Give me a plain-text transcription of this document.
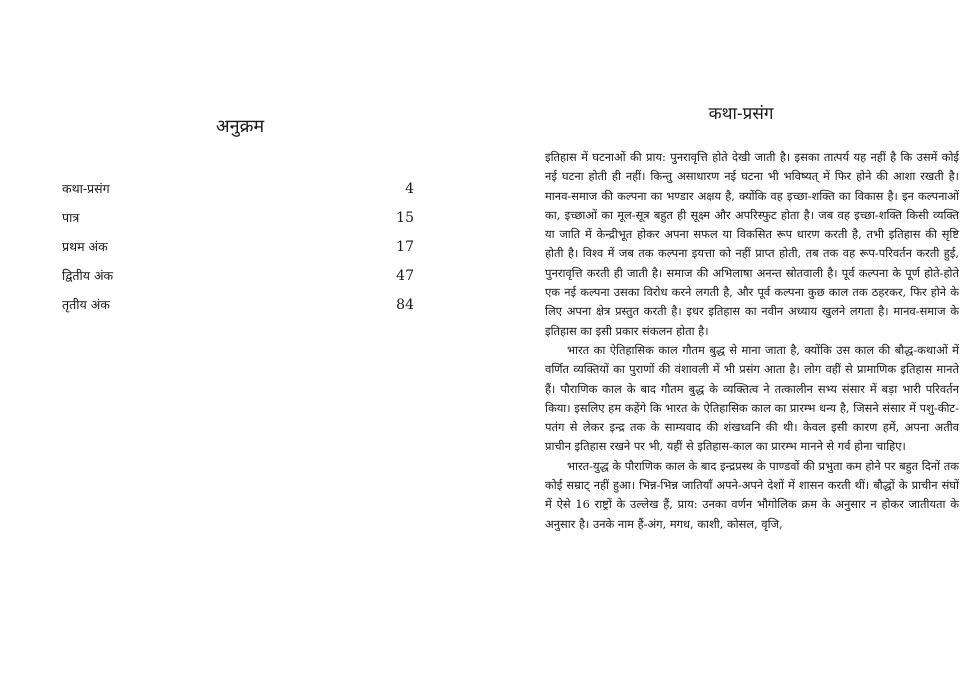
अनुक्रम
कथा-प्रसंग	4
पात्र	15
प्रथम अंक	17
द्वितीय अंक	47
तृतीय अंक	84
कथा-प्रसंग

इतिहास में घटनाओं की प्राय: पुनरावृत्ति होते देखी जाती है। इसका तात्पर्य यह नहीं है कि उसमें कोई नई घटना होती ही नहीं। किन्तु असाधारण नई घटना भी भविष्यत् में फिर होने की आशा रखती है। मानव-समाज की कल्पना का भण्डार अक्षय है, क्योंकि वह इच्छा-शक्ति का विकास है। इन कल्पनाओं का, इच्छाओं का मूल-सूत्र बहुत ही सूक्ष्म और अपरिस्फुट होता है। जब वह इच्छा-शक्ति किसी व्यक्ति या जाति में केन्द्रीभूत होकर अपना सफल या विकसित रूप धारण करती है, तभी इतिहास की सृष्टि होती है। विश्व में जब तक कल्पना इयत्ता को नहीं प्राप्त होती, तब तक वह रूप-परिवर्तन करती हुई, पुनरावृत्ति करती ही जाती है। समाज की अभिलाषा अनन्त स्रोतवाली है। पूर्व कल्पना के पूर्ण होते-होते एक नई कल्पना उसका विरोध करने लगती है, और पूर्व कल्पना कुछ काल तक ठहरकर, फिर होने के लिए अपना क्षेत्र प्रस्तुत करती है। इधर इतिहास का नवीन अध्याय खुलने लगता है। मानव-समाज के इतिहास का इसी प्रकार संकलन होता है।

भारत का ऐतिहासिक काल गौतम बुद्ध से माना जाता है, क्योंकि उस काल की बौद्ध-कथाओं में वर्णित व्यक्तियों का पुराणों की वंशावली में भी प्रसंग आता है। लोग वहीं से प्रामाणिक इतिहास मानते हैं। पौराणिक काल के बाद गौतम बुद्ध के व्यक्तित्व ने तत्कालीन सभ्य संसार में बड़ा भारी परिवर्तन किया। इसलिए हम कहेंगे कि भारत के ऐतिहासिक काल का प्रारम्भ धन्य है, जिसने संसार में पशु-कीट-पतंग से लेकर इन्द्र तक के साम्यवाद की शंखध्वनि की थी। केवल इसी कारण हमें, अपना अतीव प्राचीन इतिहास रखने पर भी, यहीं से इतिहास-काल का प्रारम्भ मानने से गर्व होना चाहिए।

भारत-युद्ध के पौराणिक काल के बाद इन्द्रप्रस्थ के पाण्डवों की प्रभुता कम होने पर बहुत दिनों तक कोई सम्राट् नहीं हुआ। भिन्न-भिन्न जातियाँ अपने-अपने देशों में शासन करती थीं। बौद्धों के प्राचीन संघों में ऐसे 16 राष्ट्रों के उल्लेख हैं, प्राय: उनका वर्णन भौगोलिक क्रम के अनुसार न होकर जातीयता के अनुसार है। उनके नाम हैं-अंग, मगध, काशी, कोसल, वृजि,
